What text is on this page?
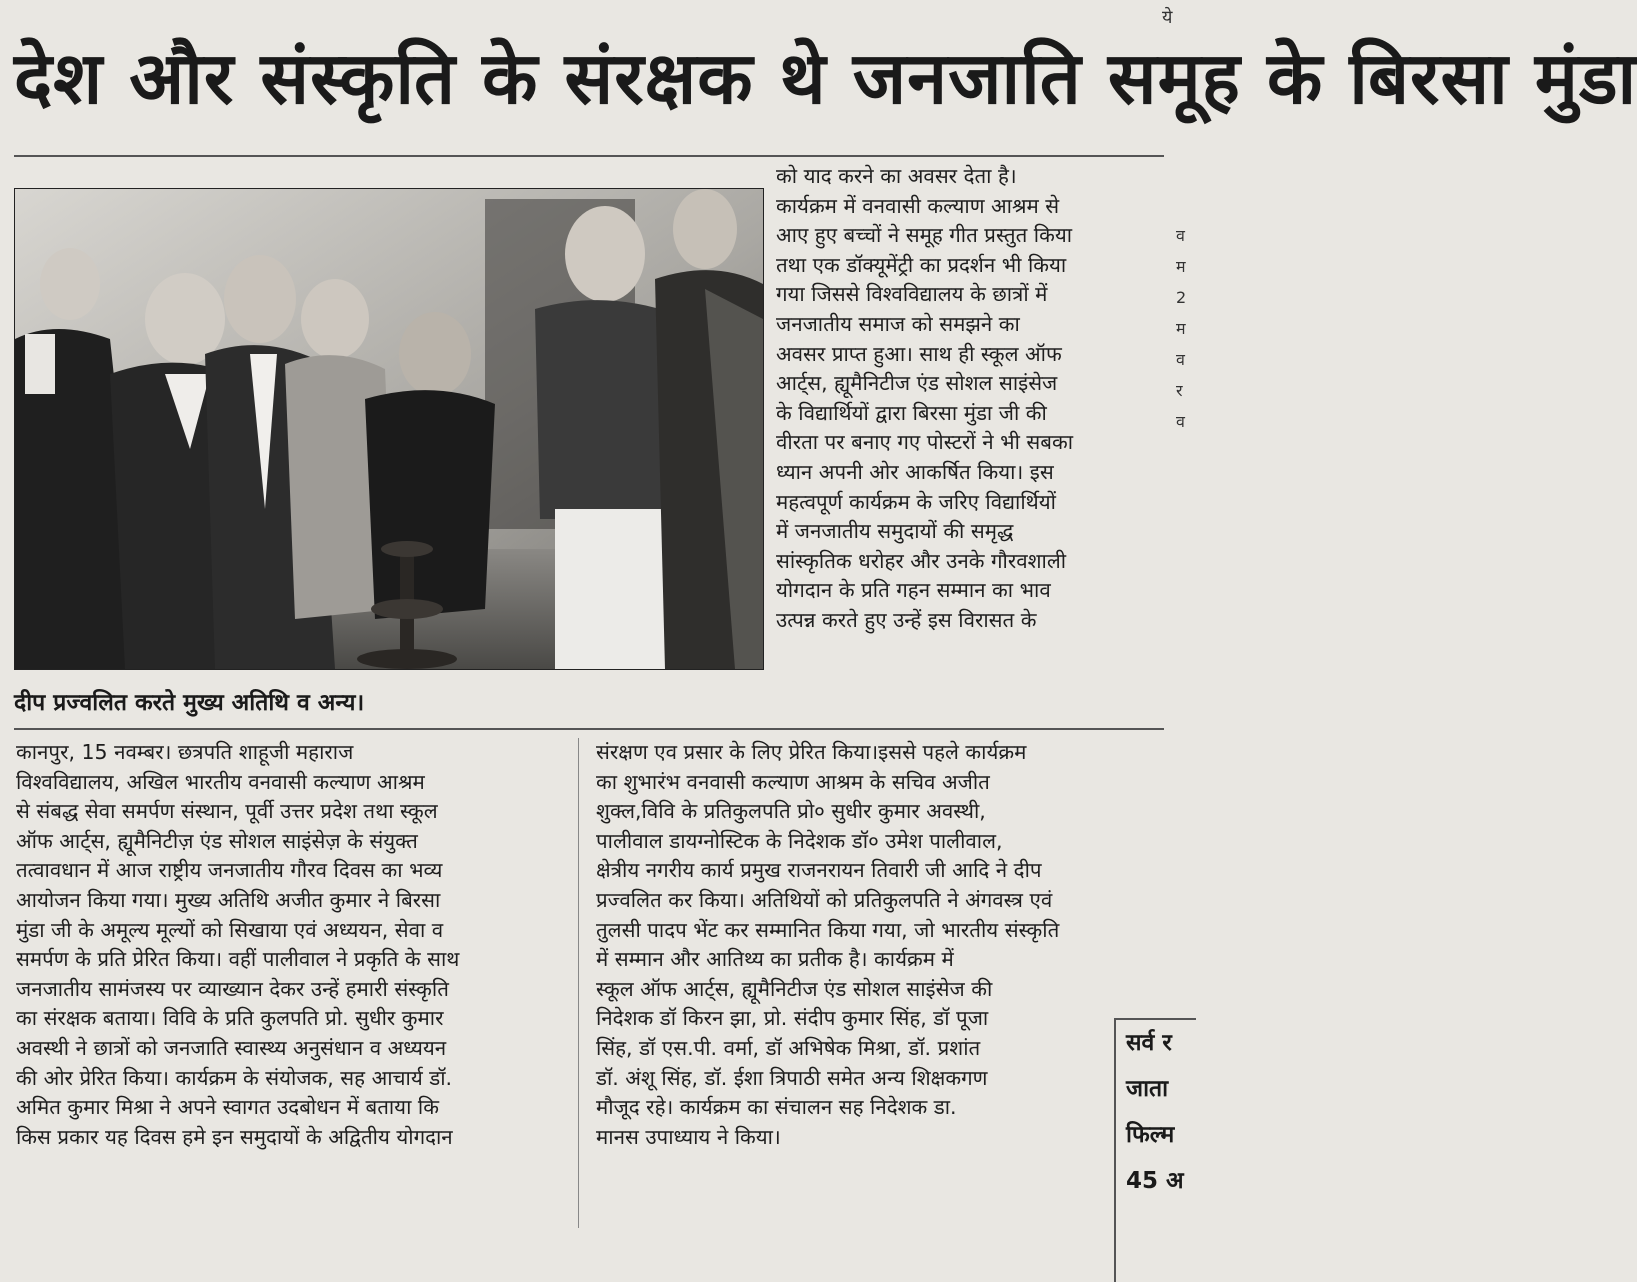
ये
देश और संस्कृति के संरक्षक थे जनजाति समूह के बिरसा मुंडा
दीप प्रज्वलित करते मुख्य अतिथि व अन्य।

को याद करने का अवसर देता है।

कार्यक्रम में वनवासी कल्याण आश्रम से

आए हुए बच्चों ने समूह गीत प्रस्तुत किया

तथा एक डॉक्यूमेंट्री का प्रदर्शन भी किया

गया जिससे विश्वविद्यालय के छात्रों में

जनजातीय समाज को समझने का

अवसर प्राप्त हुआ। साथ ही स्कूल ऑफ

आर्ट्स, ह्यूमैनिटीज एंड सोशल साइंसेज

के विद्यार्थियों द्वारा बिरसा मुंडा जी की

वीरता पर बनाए गए पोस्टरों ने भी सबका

ध्यान अपनी ओर आकर्षित किया। इस

महत्वपूर्ण कार्यक्रम के जरिए विद्यार्थियों

में जनजातीय समुदायों की समृद्ध

सांस्कृतिक धरोहर और उनके गौरवशाली

योगदान के प्रति गहन सम्मान का भाव

उत्पन्न करते हुए उन्हें इस विरासत के

कानपुर, 15 नवम्बर। छत्रपति शाहूजी महाराज

विश्वविद्यालय, अखिल भारतीय वनवासी कल्याण आश्रम

से संबद्ध सेवा समर्पण संस्थान, पूर्वी उत्तर प्रदेश तथा स्कूल

ऑफ आर्ट्स, ह्यूमैनिटीज़ एंड सोशल साइंसेज़ के संयुक्त

तत्वावधान में आज राष्ट्रीय जनजातीय गौरव दिवस का भव्य

आयोजन किया गया। मुख्य अतिथि अजीत कुमार ने बिरसा

मुंडा जी के अमूल्य मूल्यों को सिखाया एवं अध्ययन, सेवा व

समर्पण के प्रति प्रेरित किया। वहीं पालीवाल ने प्रकृति के साथ

जनजातीय सामंजस्य पर व्याख्यान देकर उन्हें हमारी संस्कृति

का संरक्षक बताया। विवि के प्रति कुलपति प्रो. सुधीर कुमार

अवस्थी ने छात्रों को जनजाति स्वास्थ्य अनुसंधान व अध्ययन

की ओर प्रेरित किया। कार्यक्रम के संयोजक, सह आचार्य डॉ.

अमित कुमार मिश्रा ने अपने स्वागत उदबोधन में बताया कि

किस प्रकार यह दिवस हमे इन समुदायों के अद्वितीय योगदान

संरक्षण एव प्रसार के लिए प्रेरित किया।इससे पहले कार्यक्रम

का शुभारंभ वनवासी कल्याण आश्रम के सचिव अजीत

शुक्ल,विवि के प्रतिकुलपति प्रो० सुधीर कुमार अवस्थी,

पालीवाल डायग्नोस्टिक के निदेशक डॉ० उमेश पालीवाल,

क्षेत्रीय नगरीय कार्य प्रमुख राजनरायन तिवारी जी आदि ने दीप

प्रज्वलित कर किया। अतिथियों को प्रतिकुलपति ने अंगवस्त्र एवं

तुलसी पादप भेंट कर सम्मानित किया गया, जो भारतीय संस्कृति

में सम्मान और आतिथ्य का प्रतीक है। कार्यक्रम में

स्कूल ऑफ आर्ट्स, ह्यूमैनिटीज एंड सोशल साइंसेज की

निदेशक डॉ किरन झा, प्रो. संदीप कुमार सिंह, डॉ पूजा

सिंह, डॉ एस.पी. वर्मा, डॉ अभिषेक मिश्रा, डॉ. प्रशांत

डॉ. अंशू सिंह, डॉ. ईशा त्रिपाठी समेत अन्य शिक्षकगण

मौजूद रहे। कार्यक्रम का संचालन सह निदेशक डा.

मानस उपाध्याय ने किया।

सर्व र

जाता

फिल्म

45 अ

व

म

2

म

व

र

व
